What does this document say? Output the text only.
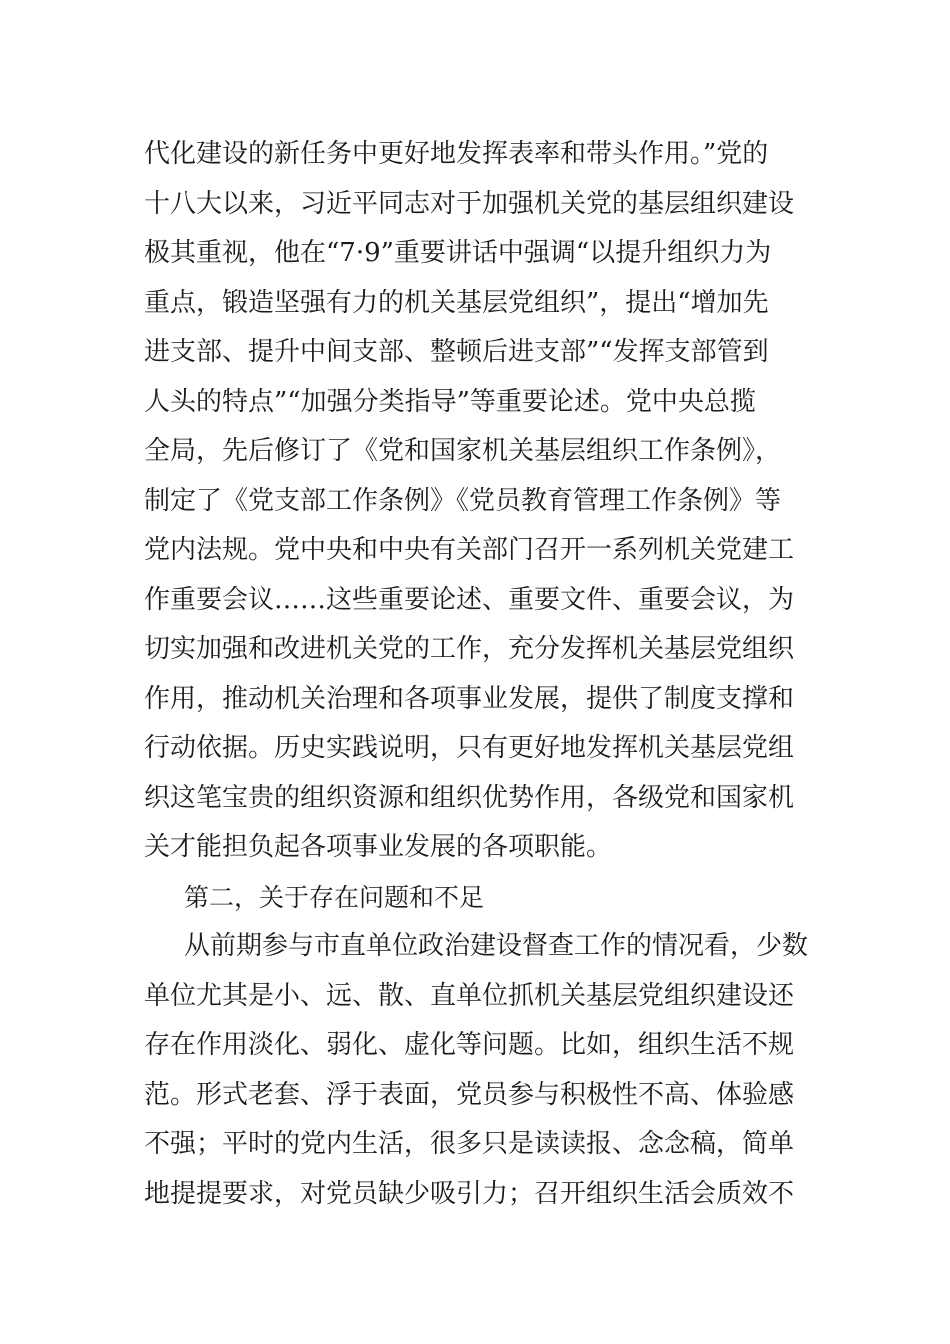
代化建设的新任务中更好地发挥表率和带头作用。”党的
十八大以来，习近平同志对于加强机关党的基层组织建设
极其重视，他在“7·9”重要讲话中强调“以提升组织力为
重点，锻造坚强有力的机关基层党组织”，提出“增加先
进支部、提升中间支部、整顿后进支部”“发挥支部管到
人头的特点”“加强分类指导”等重要论述。党中央总揽
全局，先后修订了《党和国家机关基层组织工作条例》，
制定了《党支部工作条例》《党员教育管理工作条例》等
党内法规。党中央和中央有关部门召开一系列机关党建工
作重要会议……这些重要论述、重要文件、重要会议，为
切实加强和改进机关党的工作，充分发挥机关基层党组织
作用，推动机关治理和各项事业发展，提供了制度支撑和
行动依据。历史实践说明，只有更好地发挥机关基层党组
织这笔宝贵的组织资源和组织优势作用，各级党和国家机
关才能担负起各项事业发展的各项职能。
第二，关于存在问题和不足
从前期参与市直单位政治建设督查工作的情况看，少数
单位尤其是小、远、散、直单位抓机关基层党组织建设还
存在作用淡化、弱化、虚化等问题。比如，组织生活不规
范。形式老套、浮于表面，党员参与积极性不高、体验感
不强；平时的党内生活，很多只是读读报、念念稿，简单
地提提要求，对党员缺少吸引力；召开组织生活会质效不
